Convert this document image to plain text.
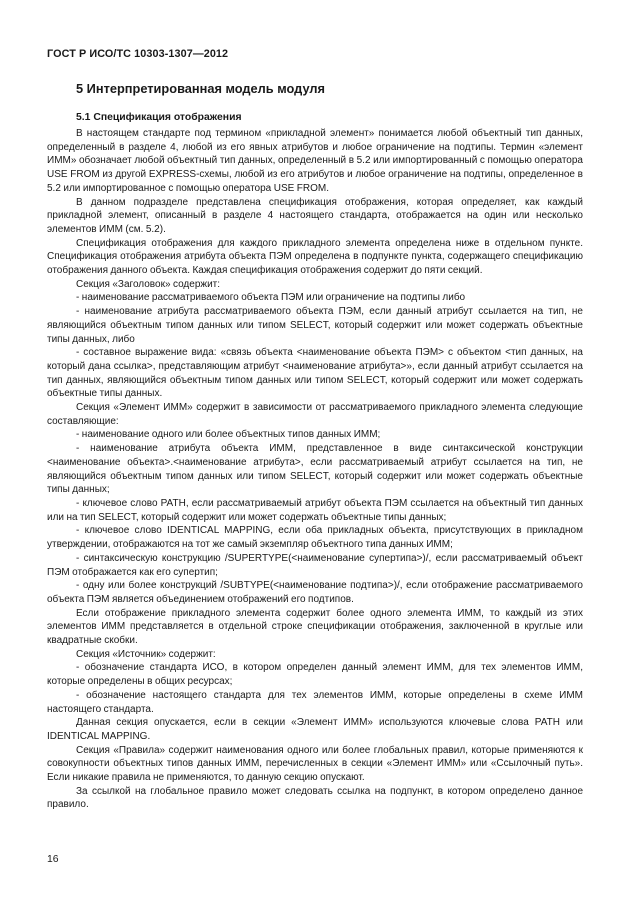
ГОСТ Р ИСО/ТС 10303-1307—2012
5 Интерпретированная модель модуля
5.1 Спецификация отображения

В настоящем стандарте под термином «прикладной элемент» понимается любой объектный тип данных, определенный в разделе 4, любой из его явных атрибутов и любое ограничение на подтипы. Термин «элемент ИММ» обозначает любой объектный тип данных, определенный в 5.2 или импортированный с помощью оператора USE FROM из другой EXPRESS-схемы, любой из его атрибутов и любое ограничение на подтипы, определенное в 5.2 или импортированное с помощью оператора USE FROM.

В данном подразделе представлена спецификация отображения, которая определяет, как каждый прикладной элемент, описанный в разделе 4 настоящего стандарта, отображается на один или несколько элементов ИММ (см. 5.2).

Спецификация отображения для каждого прикладного элемента определена ниже в отдельном пункте. Спецификация отображения атрибута объекта ПЭМ определена в подпункте пункта, содержащего спецификацию отображения данного объекта. Каждая спецификация отображения содержит до пяти секций.

Секция «Заголовок» содержит:

- наименование рассматриваемого объекта ПЭМ или ограничение на подтипы либо

- наименование атрибута рассматриваемого объекта ПЭМ, если данный атрибут ссылается на тип, не являющийся объектным типом данных или типом SELECT, который содержит или может содержать объектные типы данных, либо

- составное выражение вида: «связь объекта <наименование объекта ПЭМ> с объектом <тип данных, на который дана ссылка>, представляющим атрибут <наименование атрибута>», если данный атрибут ссылается на тип данных, являющийся объектным типом данных или типом SELECT, который содержит или может содержать объектные типы данных.

Секция «Элемент ИММ» содержит в зависимости от рассматриваемого прикладного элемента следующие составляющие:

- наименование одного или более объектных типов данных ИММ;

- наименование атрибута объекта ИММ, представленное в виде синтаксической конструкции <наименование объекта>.<наименование атрибута>, если рассматриваемый атрибут ссылается на тип, не являющийся объектным типом данных или типом SELECT, который содержит или может содержать объектные типы данных;

- ключевое слово PATH, если рассматриваемый атрибут объекта ПЭМ ссылается на объектный тип данных или на тип SELECT, который содержит или может содержать объектные типы данных;

- ключевое слово IDENTICAL MAPPING, если оба прикладных объекта, присутствующих в прикладном утверждении, отображаются на тот же самый экземпляр объектного типа данных ИММ;

- синтаксическую конструкцию /SUPERTYPE(<наименование супертипа>)/, если рассматриваемый объект ПЭМ отображается как его супертип;

- одну или более конструкций /SUBTYPE(<наименование подтипа>)/, если отображение рассматриваемого объекта ПЭМ является объединением отображений его подтипов.

Если отображение прикладного элемента содержит более одного элемента ИММ, то каждый из этих элементов ИММ представляется в отдельной строке спецификации отображения, заключенной в круглые или квадратные скобки.

Секция «Источник» содержит:

- обозначение стандарта ИСО, в котором определен данный элемент ИММ, для тех элементов ИММ, которые определены в общих ресурсах;

- обозначение настоящего стандарта для тех элементов ИММ, которые определены в схеме ИММ настоящего стандарта.

Данная секция опускается, если в секции «Элемент ИММ» используются ключевые слова PATH или IDENTICAL MAPPING.

Секция «Правила» содержит наименования одного или более глобальных правил, которые применяются к совокупности объектных типов данных ИММ, перечисленных в секции «Элемент ИММ» или «Ссылочный путь». Если никакие правила не применяются, то данную секцию опускают.

За ссылкой на глобальное правило может следовать ссылка на подпункт, в котором определено данное правило.

16
